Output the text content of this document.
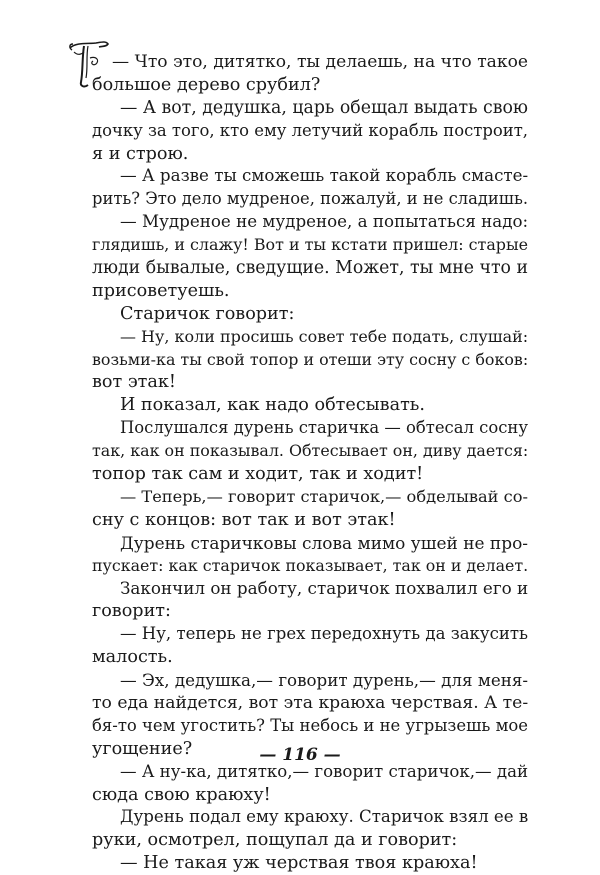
— Что это, дитятко, ты делаешь, на что такое
большое дерево срубил?
— А вот, дедушка, царь обещал выдать свою
дочку за того, кто ему летучий корабль построит,
я и строю.
— А разве ты сможешь такой корабль смасте-
рить? Это дело мудреное, пожалуй, и не сладишь.
— Мудреное не мудреное, а попытаться надо:
глядишь, и слажу! Вот и ты кстати пришел: старые
люди бывалые, сведущие. Может, ты мне что и
присоветуешь.
Старичок говорит:
— Ну, коли просишь совет тебе подать, слушай:
возьми-ка ты свой топор и отеши эту сосну с боков:
вот этак!
И показал, как надо обтесывать.
Послушался дурень старичка — обтесал сосну
так, как он показывал. Обтесывает он, диву дается:
топор так сам и ходит, так и ходит!
— Теперь,— говорит старичок,— обделывай со-
сну с концов: вот так и вот этак!
Дурень старичковы слова мимо ушей не про-
пускает: как старичок показывает, так он и делает.
Закончил он работу, старичок похвалил его и
говорит:
— Ну, теперь не грех передохнуть да закусить
малость.
— Эх, дедушка,— говорит дурень,— для меня-
то еда найдется, вот эта краюха черствая. А те-
бя-то чем угостить? Ты небось и не угрызешь мое
угощение?
— А ну-ка, дитятко,— говорит старичок,— дай
сюда свою краюху!
Дурень подал ему краюху. Старичок взял ее в
руки, осмотрел, пощупал да и говорит:
— Не такая уж черствая твоя краюха!
— 116 —
